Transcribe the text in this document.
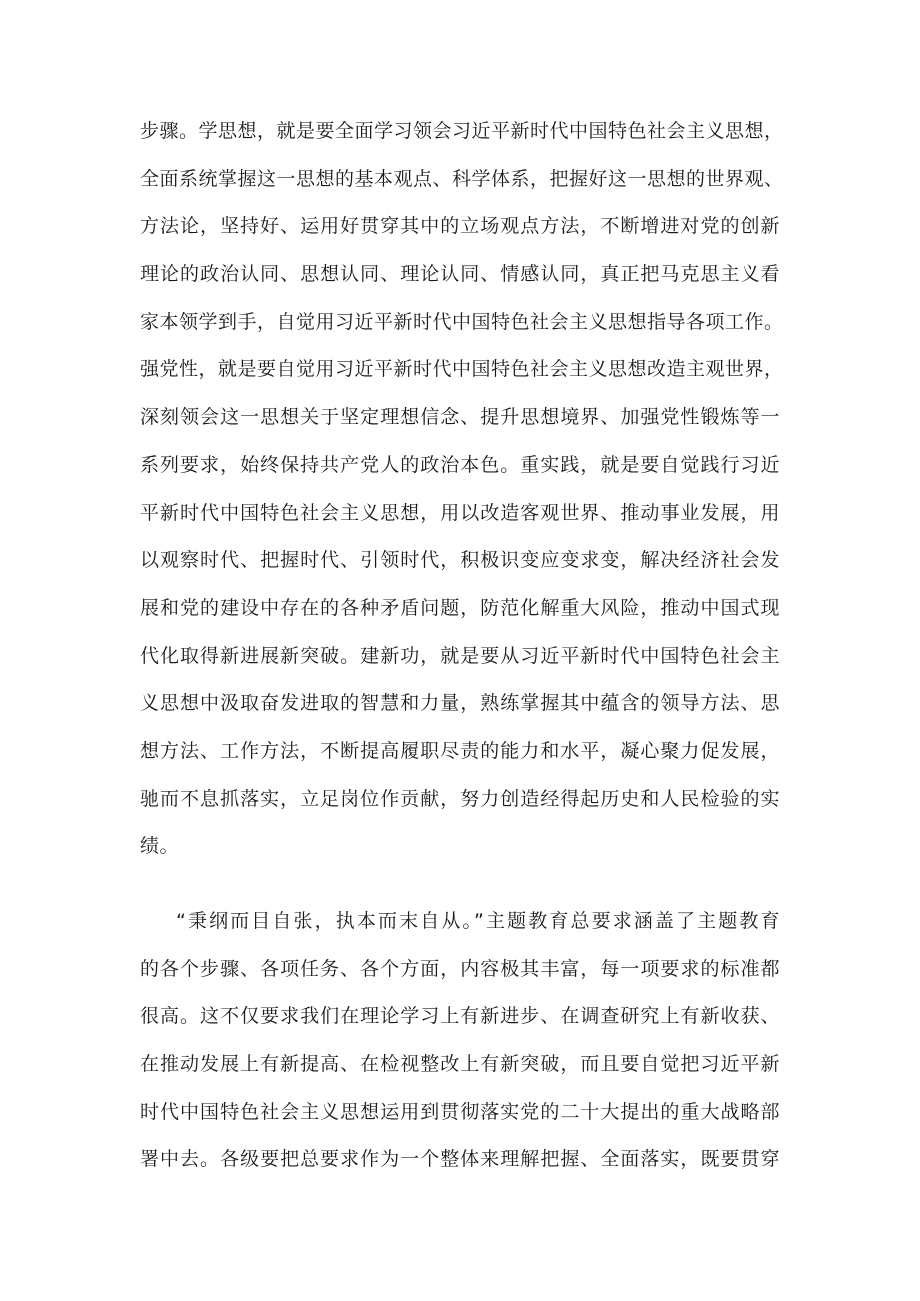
步骤。学思想，就是要全面学习领会习近平新时代中国特色社会主义思想，
全面系统掌握这一思想的基本观点、科学体系，把握好这一思想的世界观、
方法论，坚持好、运用好贯穿其中的立场观点方法，不断增进对党的创新
理论的政治认同、思想认同、理论认同、情感认同，真正把马克思主义看
家本领学到手，自觉用习近平新时代中国特色社会主义思想指导各项工作。
强党性，就是要自觉用习近平新时代中国特色社会主义思想改造主观世界，
深刻领会这一思想关于坚定理想信念、提升思想境界、加强党性锻炼等一
系列要求，始终保持共产党人的政治本色。重实践，就是要自觉践行习近
平新时代中国特色社会主义思想，用以改造客观世界、推动事业发展，用
以观察时代、把握时代、引领时代，积极识变应变求变，解决经济社会发
展和党的建设中存在的各种矛盾问题，防范化解重大风险，推动中国式现
代化取得新进展新突破。建新功，就是要从习近平新时代中国特色社会主
义思想中汲取奋发进取的智慧和力量，熟练掌握其中蕴含的领导方法、思
想方法、工作方法，不断提高履职尽责的能力和水平，凝心聚力促发展，
驰而不息抓落实，立足岗位作贡献，努力创造经得起历史和人民检验的实
绩。
“秉纲而目自张，执本而末自从。”主题教育总要求涵盖了主题教育
的各个步骤、各项任务、各个方面，内容极其丰富，每一项要求的标准都
很高。这不仅要求我们在理论学习上有新进步、在调查研究上有新收获、
在推动发展上有新提高、在检视整改上有新突破，而且要自觉把习近平新
时代中国特色社会主义思想运用到贯彻落实党的二十大提出的重大战略部
署中去。各级要把总要求作为一个整体来理解把握、全面落实，既要贯穿
